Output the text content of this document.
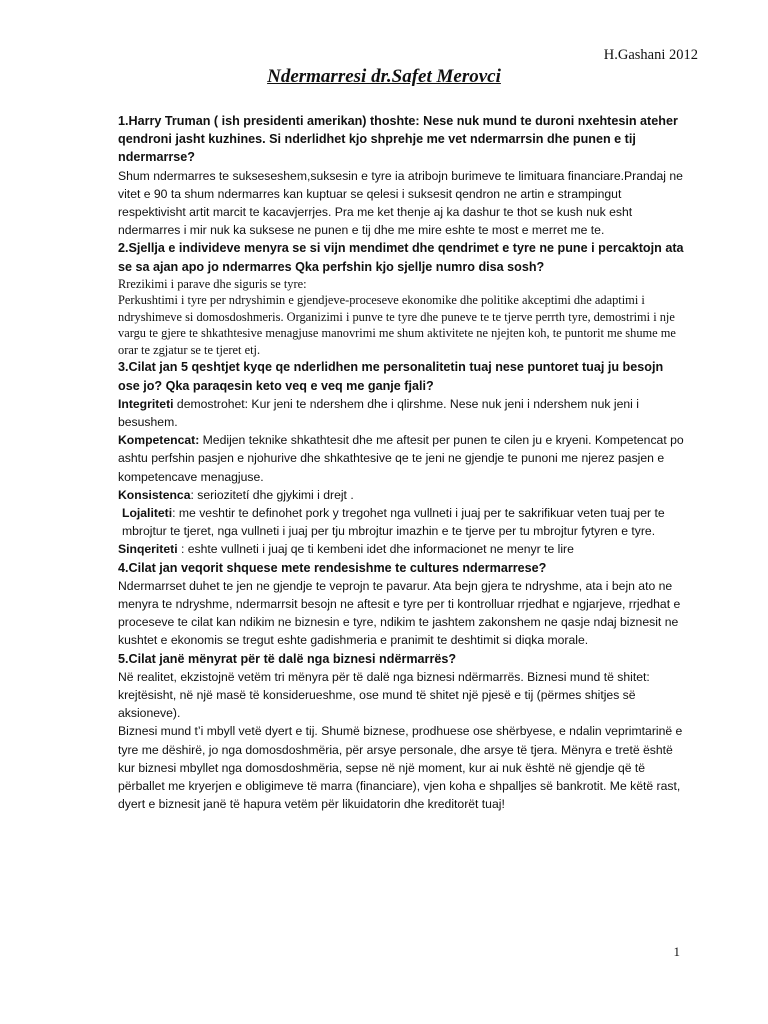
H.Gashani 2012
Ndermarresi dr.Safet Merovci

1.Harry Truman ( ish presidenti amerikan) thoshte: Nese nuk mund te duroni nxehtesin ateher qendroni jasht kuzhines. Si nderlidhet kjo shprehje me vet ndermarrsin dhe punen e tij ndermarrse?

Shum ndermarres te sukseseshem,suksesin e tyre ia atribojn burimeve te limituara financiare.Prandaj ne vitet e 90 ta shum ndermarres kan kuptuar se qelesi i suksesit qendron ne artin e strampingut respektivisht artit marcit te kacavjerrjes. Pra me ket thenje aj ka dashur te thot se kush nuk esht ndermarres i mir nuk ka suksese ne punen e tij dhe me mire eshte te most e merret me te.

2.Sjellja e individeve menyra se si vijn mendimet dhe qendrimet e tyre ne pune i percaktojn ata se sa ajan apo jo ndermarres Qka perfshin kjo sjellje numro disa sosh?

Rrezikimi i parave dhe siguris se tyre:

Perkushtimi i tyre per ndryshimin e gjendjeve-proceseve ekonomike dhe politike akceptimi dhe adaptimi i ndryshimeve si domosdoshmeris. Organizimi i punve te tyre dhe puneve te te tjerve perrth tyre, demostrimi i nje vargu te gjere te shkathtesive menagjuse manovrimi me shum aktivitete ne njejten koh, te puntorit me shume me orar te zgjatur se te tjeret etj.

3.Cilat jan 5 qeshtjet kyqe qe nderlidhen me personalitetin tuaj nese puntoret tuaj ju besojn ose jo? Qka paraqesin keto veq e veq me ganje fjali?

Integriteti demostrohet: Kur jeni te ndershem dhe i qlirshme. Nese nuk jeni i ndershem nuk jeni i besushem.

Kompetencat: Medijen teknike shkathtesit dhe me aftesit per punen te cilen ju e kryeni. Kompetencat po ashtu perfshin pasjen e njohurive dhe shkathtesive qe te jeni ne gjendje te punoni me njerez pasjen e kompetencave menagjuse.

Konsistenca: seriozitetí dhe gjykimi i drejt .

Lojaliteti: me veshtir te definohet pork y tregohet nga vullneti i juaj per te sakrifikuar veten tuaj per te mbrojtur te tjeret, nga vullneti i juaj per tju mbrojtur imazhin e te tjerve per tu mbrojtur fytyren e tyre.

Sinqeriteti : eshte vullneti i juaj qe ti kembeni idet dhe informacionet ne menyr te lire

4.Cilat jan veqorit shquese mete rendesishme te cultures ndermarrese?

Ndermarrset duhet te jen ne gjendje te veprojn te pavarur. Ata bejn gjera te ndryshme, ata i bejn ato ne menyra te ndryshme, ndermarrsit besojn ne aftesit e tyre per ti kontrolluar rrjedhat e ngjarjeve, rrjedhat e proceseve te cilat kan ndikim ne biznesin e tyre, ndikim te jashtem zakonshem ne qasje ndaj biznesit ne kushtet e ekonomis se tregut eshte gadishmeria e pranimit te deshtimit si diqka morale.

5.Cilat janë mënyrat për të dalë nga biznesi ndërmarrës?

Në realitet, ekzistojnë vetëm tri mënyra për të dalë nga biznesi ndërmarrës. Biznesi mund të shitet: krejtësisht, në një masë të konsiderueshme, ose mund të shitet një pjesë e tij (përmes shitjes së aksioneve).

Biznesi mund t’i mbyll vetë dyert e tij. Shumë biznese, prodhuese ose shërbyese, e ndalin veprimtarinë e tyre me dëshirë, jo nga domosdoshmëria, për arsye personale, dhe arsye të tjera. Mënyra e tretë është kur biznesi mbyllet nga domosdoshmëria, sepse në një moment, kur ai nuk është në gjendje që të përballet me kryerjen e obligimeve të marra (financiare), vjen koha e shpalljes së bankrotit. Me këtë rast, dyert e biznesit janë të hapura vetëm për likuidatorin dhe kreditorët tuaj!

1
